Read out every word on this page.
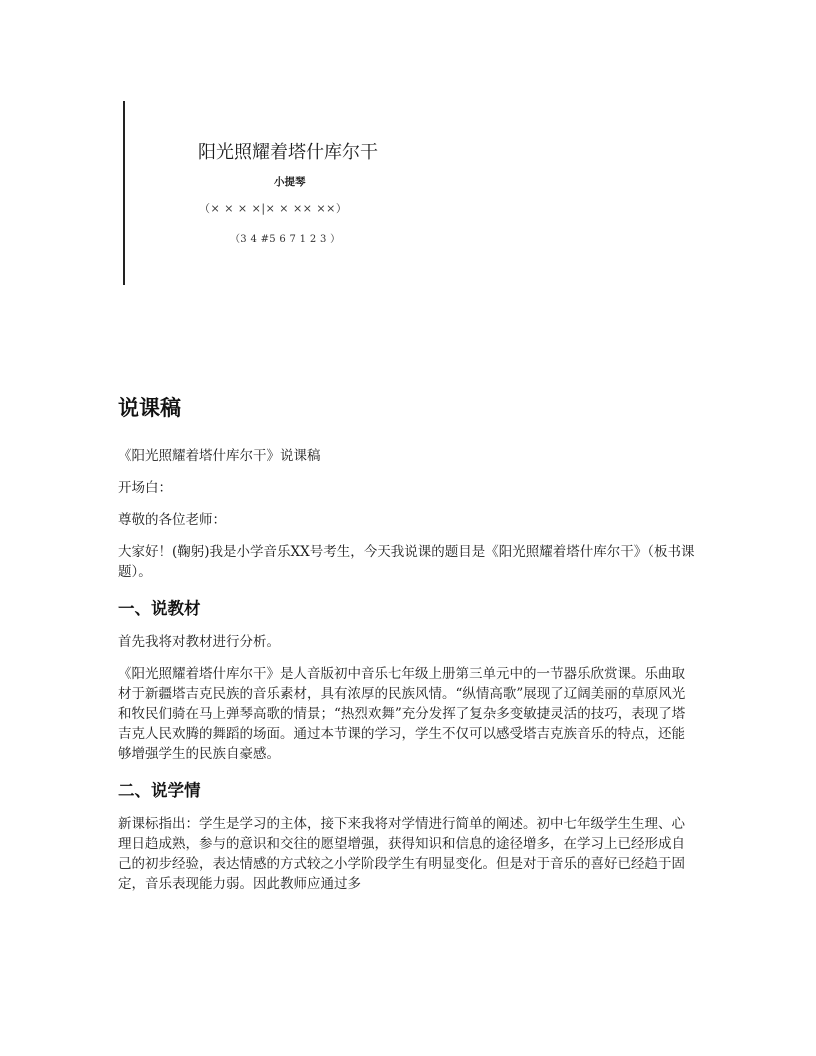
阳光照耀着塔什库尔干
小提琴
（× × × ×|× × ×× ××）
（3 4 #5 6 7 1 2 3 ）
说课稿

《阳光照耀着塔什库尔干》说课稿

开场白：

尊敬的各位老师：

大家好！(鞠躬)我是小学音乐XX号考生，今天我说课的题目是《阳光照耀着塔什库尔干》（板书课题）。

一、说教材

首先我将对教材进行分析。

《阳光照耀着塔什库尔干》是人音版初中音乐七年级上册第三单元中的一节器乐欣赏课。乐曲取材于新疆塔吉克民族的音乐素材，具有浓厚的民族风情。“纵情高歌”展现了辽阔美丽的草原风光和牧民们骑在马上弹琴高歌的情景；“热烈欢舞”充分发挥了复杂多变敏捷灵活的技巧，表现了塔吉克人民欢腾的舞蹈的场面。通过本节课的学习，学生不仅可以感受塔吉克族音乐的特点，还能够增强学生的民族自豪感。

二、说学情

新课标指出：学生是学习的主体，接下来我将对学情进行简单的阐述。初中七年级学生生理、心理日趋成熟，参与的意识和交往的愿望增强，获得知识和信息的途径增多，在学习上已经形成自己的初步经验，表达情感的方式较之小学阶段学生有明显变化。但是对于音乐的喜好已经趋于固定，音乐表现能力弱。因此教师应通过多
